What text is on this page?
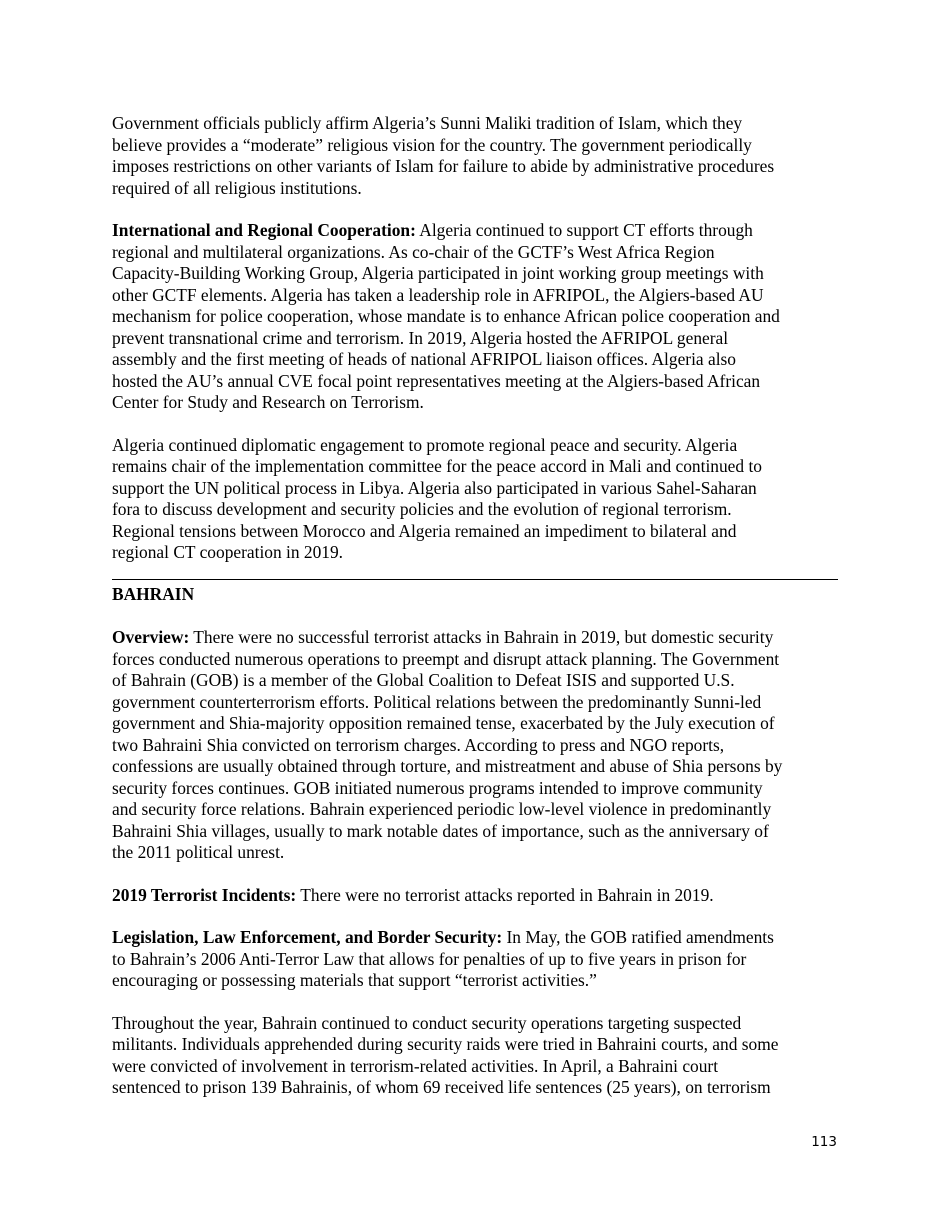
Government officials publicly affirm Algeria’s Sunni Maliki tradition of Islam, which they
believe provides a “moderate” religious vision for the country. The government periodically
imposes restrictions on other variants of Islam for failure to abide by administrative procedures
required of all religious institutions.
International and Regional Cooperation: Algeria continued to support CT efforts through
regional and multilateral organizations. As co-chair of the GCTF’s West Africa Region
Capacity-Building Working Group, Algeria participated in joint working group meetings with
other GCTF elements. Algeria has taken a leadership role in AFRIPOL, the Algiers-based AU
mechanism for police cooperation, whose mandate is to enhance African police cooperation and
prevent transnational crime and terrorism. In 2019, Algeria hosted the AFRIPOL general
assembly and the first meeting of heads of national AFRIPOL liaison offices. Algeria also
hosted the AU’s annual CVE focal point representatives meeting at the Algiers-based African
Center for Study and Research on Terrorism.
Algeria continued diplomatic engagement to promote regional peace and security. Algeria
remains chair of the implementation committee for the peace accord in Mali and continued to
support the UN political process in Libya. Algeria also participated in various Sahel-Saharan
fora to discuss development and security policies and the evolution of regional terrorism.
Regional tensions between Morocco and Algeria remained an impediment to bilateral and
regional CT cooperation in 2019.
BAHRAIN
Overview: There were no successful terrorist attacks in Bahrain in 2019, but domestic security
forces conducted numerous operations to preempt and disrupt attack planning. The Government
of Bahrain (GOB) is a member of the Global Coalition to Defeat ISIS and supported U.S.
government counterterrorism efforts. Political relations between the predominantly Sunni-led
government and Shia-majority opposition remained tense, exacerbated by the July execution of
two Bahraini Shia convicted on terrorism charges. According to press and NGO reports,
confessions are usually obtained through torture, and mistreatment and abuse of Shia persons by
security forces continues. GOB initiated numerous programs intended to improve community
and security force relations. Bahrain experienced periodic low-level violence in predominantly
Bahraini Shia villages, usually to mark notable dates of importance, such as the anniversary of
the 2011 political unrest.
2019 Terrorist Incidents: There were no terrorist attacks reported in Bahrain in 2019.
Legislation, Law Enforcement, and Border Security: In May, the GOB ratified amendments
to Bahrain’s 2006 Anti-Terror Law that allows for penalties of up to five years in prison for
encouraging or possessing materials that support “terrorist activities.”
Throughout the year, Bahrain continued to conduct security operations targeting suspected
militants. Individuals apprehended during security raids were tried in Bahraini courts, and some
were convicted of involvement in terrorism-related activities. In April, a Bahraini court
sentenced to prison 139 Bahrainis, of whom 69 received life sentences (25 years), on terrorism
113
